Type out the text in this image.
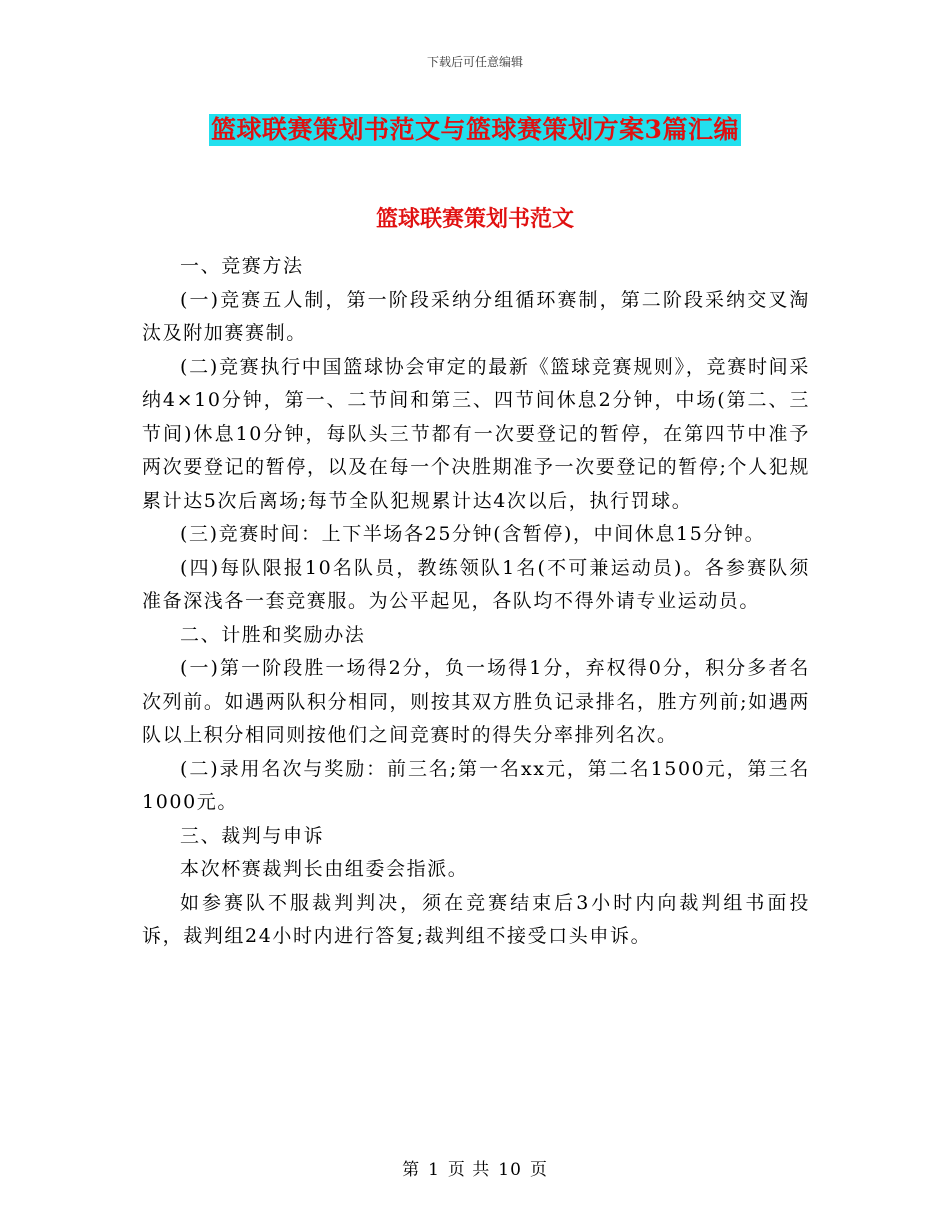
下载后可任意编辑
篮球联赛策划书范文与篮球赛策划方案3篇汇编
篮球联赛策划书范文

一、竞赛方法

(一)竞赛五人制，第一阶段采纳分组循环赛制，第二阶段采纳交叉淘汰及附加赛赛制。

(二)竞赛执行中国篮球协会审定的最新《篮球竞赛规则》，竞赛时间采纳4×10分钟，第一、二节间和第三、四节间休息2分钟，中场(第二、三节间)休息10分钟，每队头三节都有一次要登记的暂停，在第四节中准予两次要登记的暂停，以及在每一个决胜期准予一次要登记的暂停;个人犯规累计达5次后离场;每节全队犯规累计达4次以后，执行罚球。

(三)竞赛时间：上下半场各25分钟(含暂停)，中间休息15分钟。

(四)每队限报10名队员，教练领队1名(不可兼运动员)。各参赛队须准备深浅各一套竞赛服。为公平起见，各队均不得外请专业运动员。

二、计胜和奖励办法

(一)第一阶段胜一场得2分，负一场得1分，弃权得0分，积分多者名次列前。如遇两队积分相同，则按其双方胜负记录排名，胜方列前;如遇两队以上积分相同则按他们之间竞赛时的得失分率排列名次。

(二)录用名次与奖励：前三名;第一名xx元，第二名1500元，第三名1000元。

三、裁判与申诉

本次杯赛裁判长由组委会指派。

如参赛队不服裁判判决，须在竞赛结束后3小时内向裁判组书面投诉，裁判组24小时内进行答复;裁判组不接受口头申诉。

第 1 页 共 10 页
